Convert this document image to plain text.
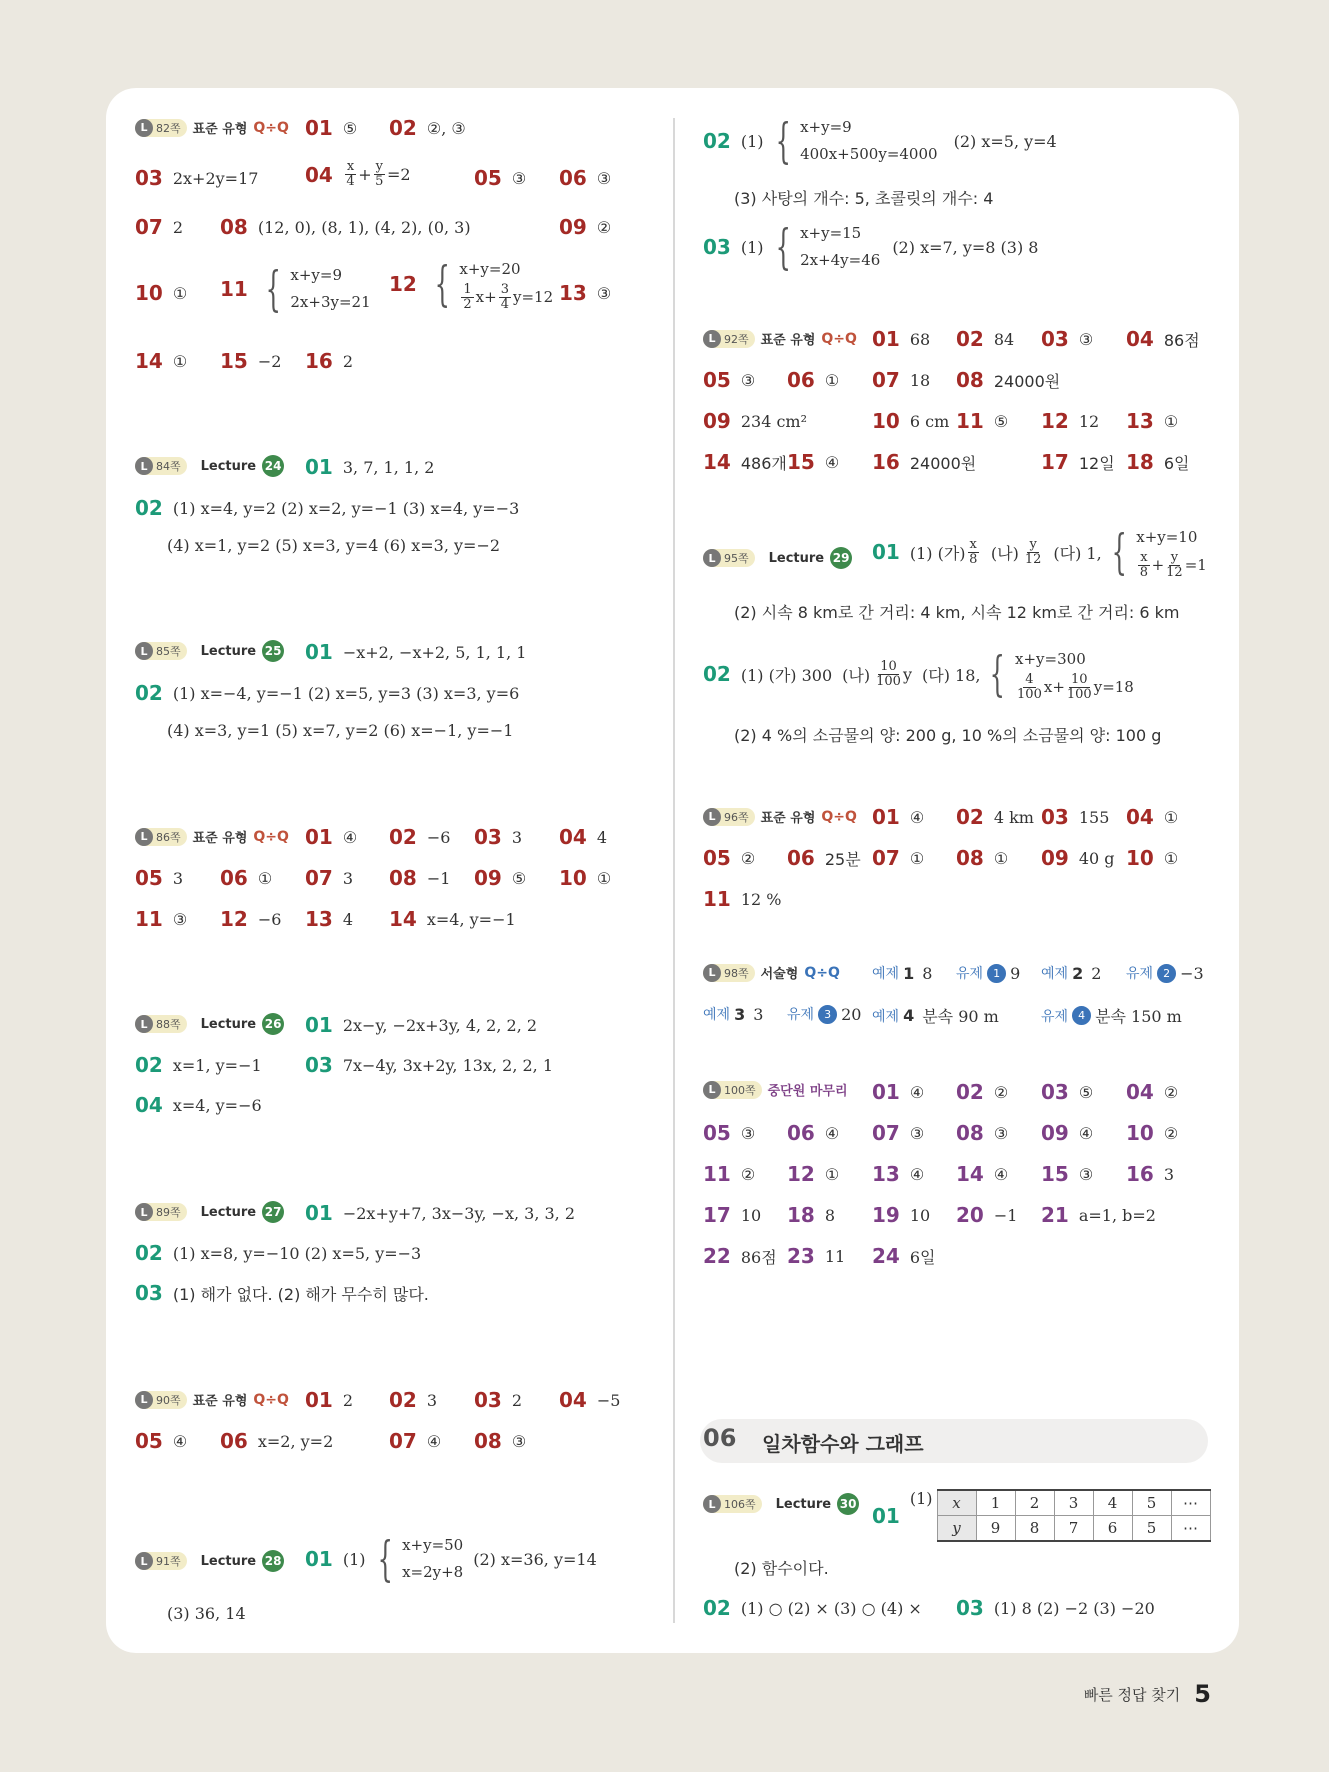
L 82쪽 표준 유형 Q÷Q 01 ⑤ 02 ②, ③
03 2x+2y=17 $04 \frac{x}{4} + \frac{y}{5} =2$	05 ③ 06 ③
07 2 08 (12, 0), (8, 1), (4, 2), (0, 3)	09 ②
10 ① 11 { x+y=9
2x+3y=21
12 { x+y=20
$\frac{1}{2} x+ \frac{3}{4} y=12$ 13 ③
14 ① 15 −2 16 2
L 84쪽 Lecture 24 01 3, 7, 1, 1, 2
02 (1) x=4, y=2 (2) x=2, y=−1 (3) x=4, y=−3
(4) x=1, y=2 (5) x=3, y=4 (6) x=3, y=−2
L 85쪽 Lecture 25 01 −x+2, −x+2, 5, 1, 1, 1
02 (1) x=−4, y=−1 (2) x=5, y=3 (3) x=3, y=6
(4) x=3, y=1 (5) x=7, y=2 (6) x=−1, y=−1
L 86쪽 표준 유형 Q÷Q 01 ④ 02 −6 03 3 04 4
05 3 06 ① 07 3 08 −1 09 ⑤ 10 ①
11 ③ 12 −6 13 4 14 x=4, y=−1
L 88쪽 Lecture 26 01 2x−y, −2x+3y, 4, 2, 2, 2
02 x=1, y=−1 03 7x−4y, 3x+2y, 13x, 2, 2, 1
04 x=4, y=−6
L 89쪽 Lecture 27 01 −2x+y+7, 3x−3y, −x, 3, 3, 2
02 (1) x=8, y=−10 (2) x=5, y=−3
03 (1) 해가 없다. (2) 해가 무수히 많다.
L 90쪽 표준 유형 Q÷Q 01 2 02 3 03 2 04 −5
05 ④ 06 x=2, y=2	07 ④ 08 ③
L 91쪽 Lecture 28 01 (1) { x+y=50
x=2y+8
(2) x=36, y=14
(3) 36, 14
02 (1) { x+y=9
400x+500y=4000
(2) x=5, y=4
(3) 사탕의 개수: 5, 초콜릿의 개수: 4
03 (1) { x+y=15
2x+4y=46
(2) x=7, y=8 (3) 8
L 92쪽 표준 유형 Q÷Q 01 68 02 84 03 ③ 04 86점
05 ③ 06 ① 07 18 08 24000원
09 234 cm²	10 6 cm 11 ⑤ 12 12 13 ①
14 486개 15 ④ 16 24000원	17 12일 18 6일
L 95쪽 Lecture 29 01 (1) (가) $\frac{x}{8}$ (나) $\frac{y}{12}$ (다) 1, { x+y=10
$\frac{x}{8} + \frac{y}{12} =1$
(2) 시속 8 km로 간 거리: 4 km, 시속 12 km로 간 거리: 6 km
02 (1) (가) 300 (나) $\frac{10}{100}$ y (다) 18, { x+y=300
$\frac{4}{100} x+ \frac{10}{100} y=18$
(2) 4 %의 소금물의 양: 200 g, 10 %의 소금물의 양: 100 g
L 96쪽 표준 유형 Q÷Q 01 ④ 02 4 km 03 155 04 ①
05 ② 06 25분 07 ① 08 ① 09 40 g 10 ①
11 12 %
L 98쪽 서술형 Q÷Q 예제 1 8 유제 1 9 예제 2 2 유제 2 −3
예제 3 3 유제 3 20 예제 4 분속 90 m	유제 4 분속 150 m
L 100쪽 중단원 마무리 01 ④ 02 ② 03 ⑤ 04 ②
05 ③ 06 ④ 07 ③ 08 ③ 09 ④ 10 ②
11 ② 12 ① 13 ④ 14 ④ 15 ③ 16 3
17 10 18 8 19 10 20 −1 21 a=1, b=2
22 86점 23 11 24 6일
06 일차함수와 그래프
L 106쪽 Lecture 30 01
(1) x	1	2	3	4	5	⋯
y	9	8	7	6	5	⋯
(2) 함수이다.
02 (1) ○ (2) × (3) ○ (4) × 03 (1) 8 (2) −2 (3) −20
빠른 정답 찾기 5
